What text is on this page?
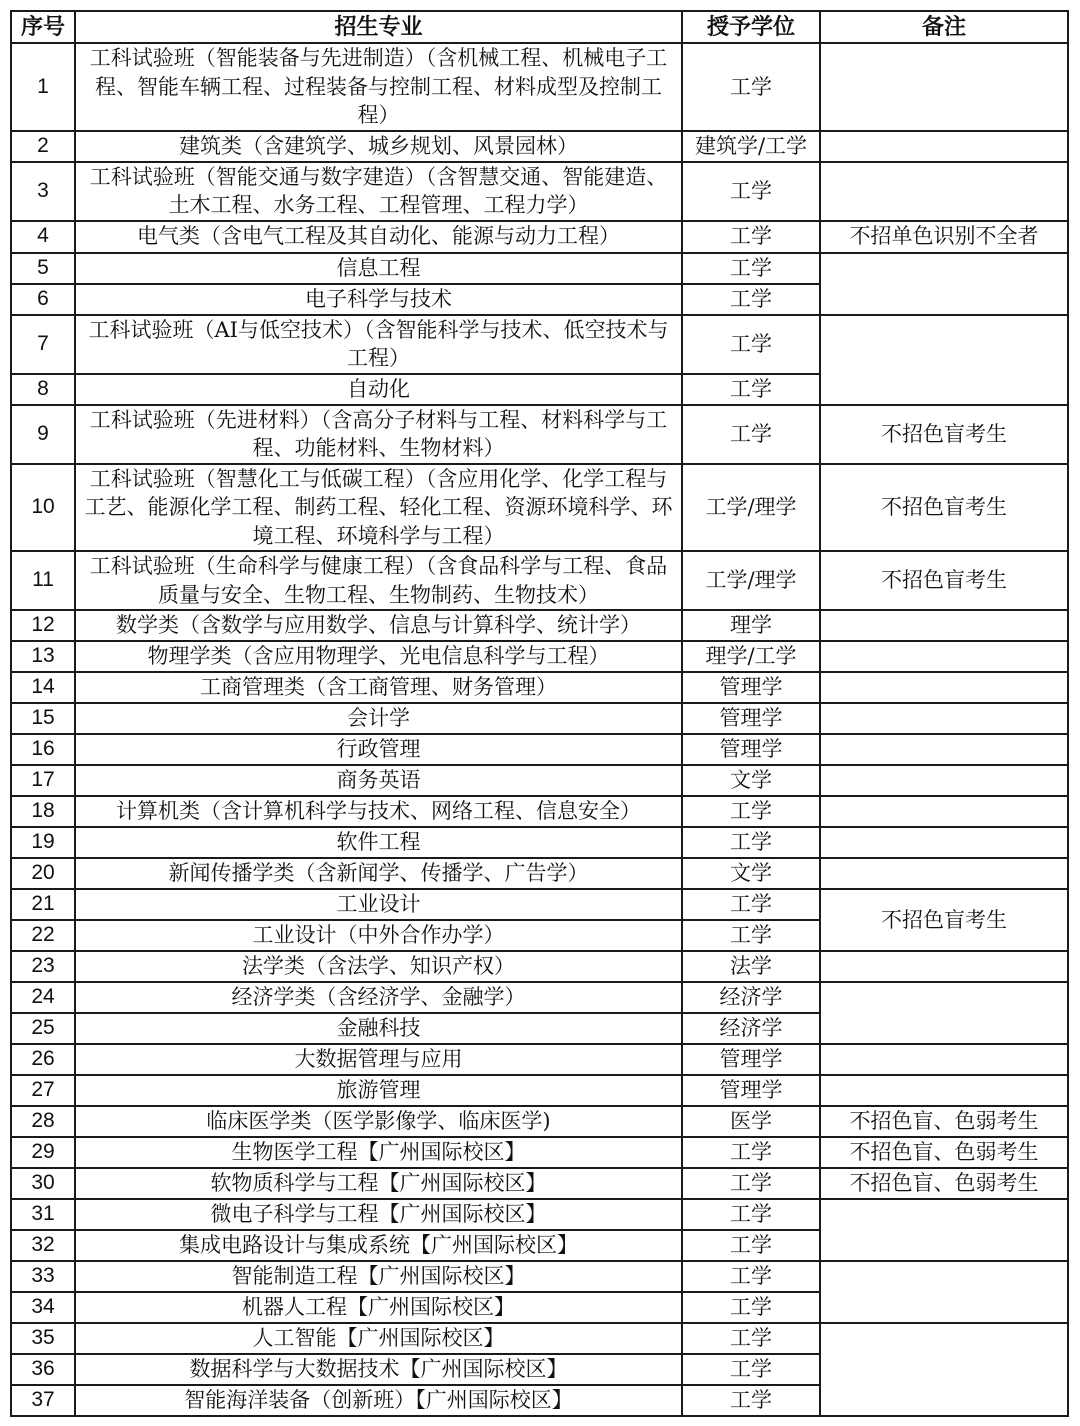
序号	招生专业	授予学位	备注
1	工科试验班（智能装备与先进制造）（含机械工程、机械电子工程、智能车辆工程、过程装备与控制工程、材料成型及控制工程）	工学	
2	建筑类（含建筑学、城乡规划、风景园林）	建筑学/工学	
3	工科试验班（智能交通与数字建造）（含智慧交通、智能建造、土木工程、水务工程、工程管理、工程力学）	工学	
4	电气类（含电气工程及其自动化、能源与动力工程）	工学	不招单色识别不全者
5	信息工程	工学	
6	电子科学与技术	工学	
7	工科试验班（AI与低空技术）（含智能科学与技术、低空技术与工程）	工学	
8	自动化	工学	
9	工科试验班（先进材料）（含高分子材料与工程、材料科学与工程、功能材料、生物材料）	工学	不招色盲考生
10	工科试验班（智慧化工与低碳工程）（含应用化学、化学工程与工艺、能源化学工程、制药工程、轻化工程、资源环境科学、环境工程、环境科学与工程）	工学/理学	不招色盲考生
11	工科试验班（生命科学与健康工程）（含食品科学与工程、食品质量与安全、生物工程、生物制药、生物技术）	工学/理学	不招色盲考生
12	数学类（含数学与应用数学、信息与计算科学、统计学）	理学	
13	物理学类（含应用物理学、光电信息科学与工程）	理学/工学	
14	工商管理类（含工商管理、财务管理）	管理学	
15	会计学	管理学	
16	行政管理	管理学	
17	商务英语	文学	
18	计算机类（含计算机科学与技术、网络工程、信息安全）	工学	
19	软件工程	工学	
20	新闻传播学类（含新闻学、传播学、广告学）	文学	
21	工业设计	工学	不招色盲考生
22	工业设计（中外合作办学）	工学	
23	法学类（含法学、知识产权）	法学	
24	经济学类（含经济学、金融学）	经济学	
25	金融科技	经济学	
26	大数据管理与应用	管理学	
27	旅游管理	管理学	
28	临床医学类（医学影像学、临床医学)	医学	不招色盲、色弱考生
29	生物医学工程【广州国际校区】	工学	不招色盲、色弱考生
30	软物质科学与工程【广州国际校区】	工学	不招色盲、色弱考生
31	微电子科学与工程【广州国际校区】	工学	
32	集成电路设计与集成系统【广州国际校区】	工学	
33	智能制造工程【广州国际校区】	工学	
34	机器人工程【广州国际校区】	工学	
35	人工智能【广州国际校区】	工学	
36	数据科学与大数据技术【广州国际校区】	工学	
37	智能海洋装备（创新班）【广州国际校区】	工学	
